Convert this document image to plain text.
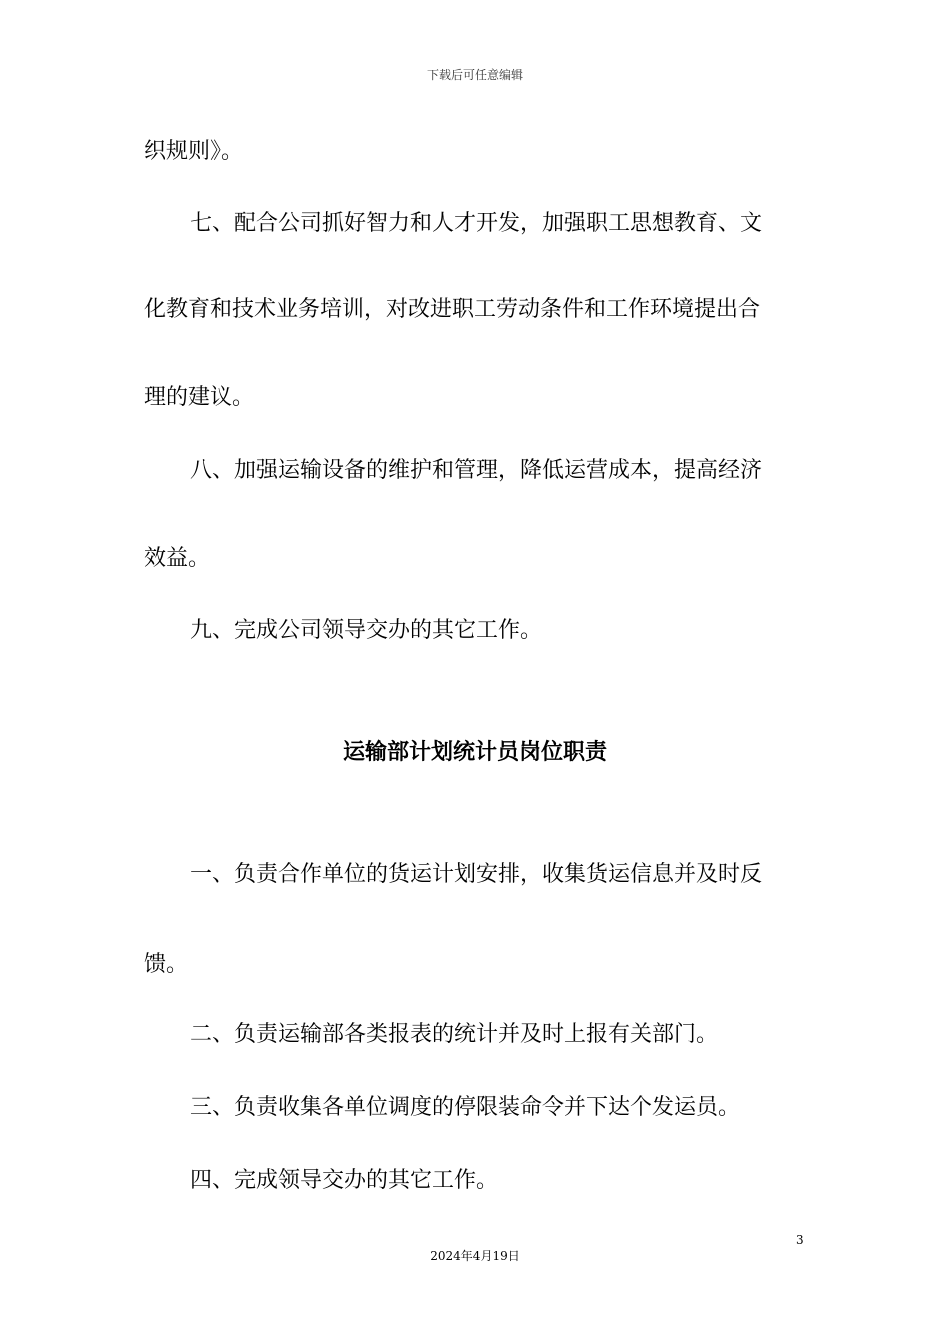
下载后可任意编辑
织规则》。
七、配合公司抓好智力和人才开发，加强职工思想教育、文
化教育和技术业务培训，对改进职工劳动条件和工作环境提出合
理的建议。
八、加强运输设备的维护和管理，降低运营成本，提高经济
效益。
九、完成公司领导交办的其它工作。
运输部计划统计员岗位职责
一、负责合作单位的货运计划安排，收集货运信息并及时反
馈。
二、负责运输部各类报表的统计并及时上报有关部门。
三、负责收集各单位调度的停限装命令并下达个发运员。
四、完成领导交办的其它工作。
3
2024年4月19日
